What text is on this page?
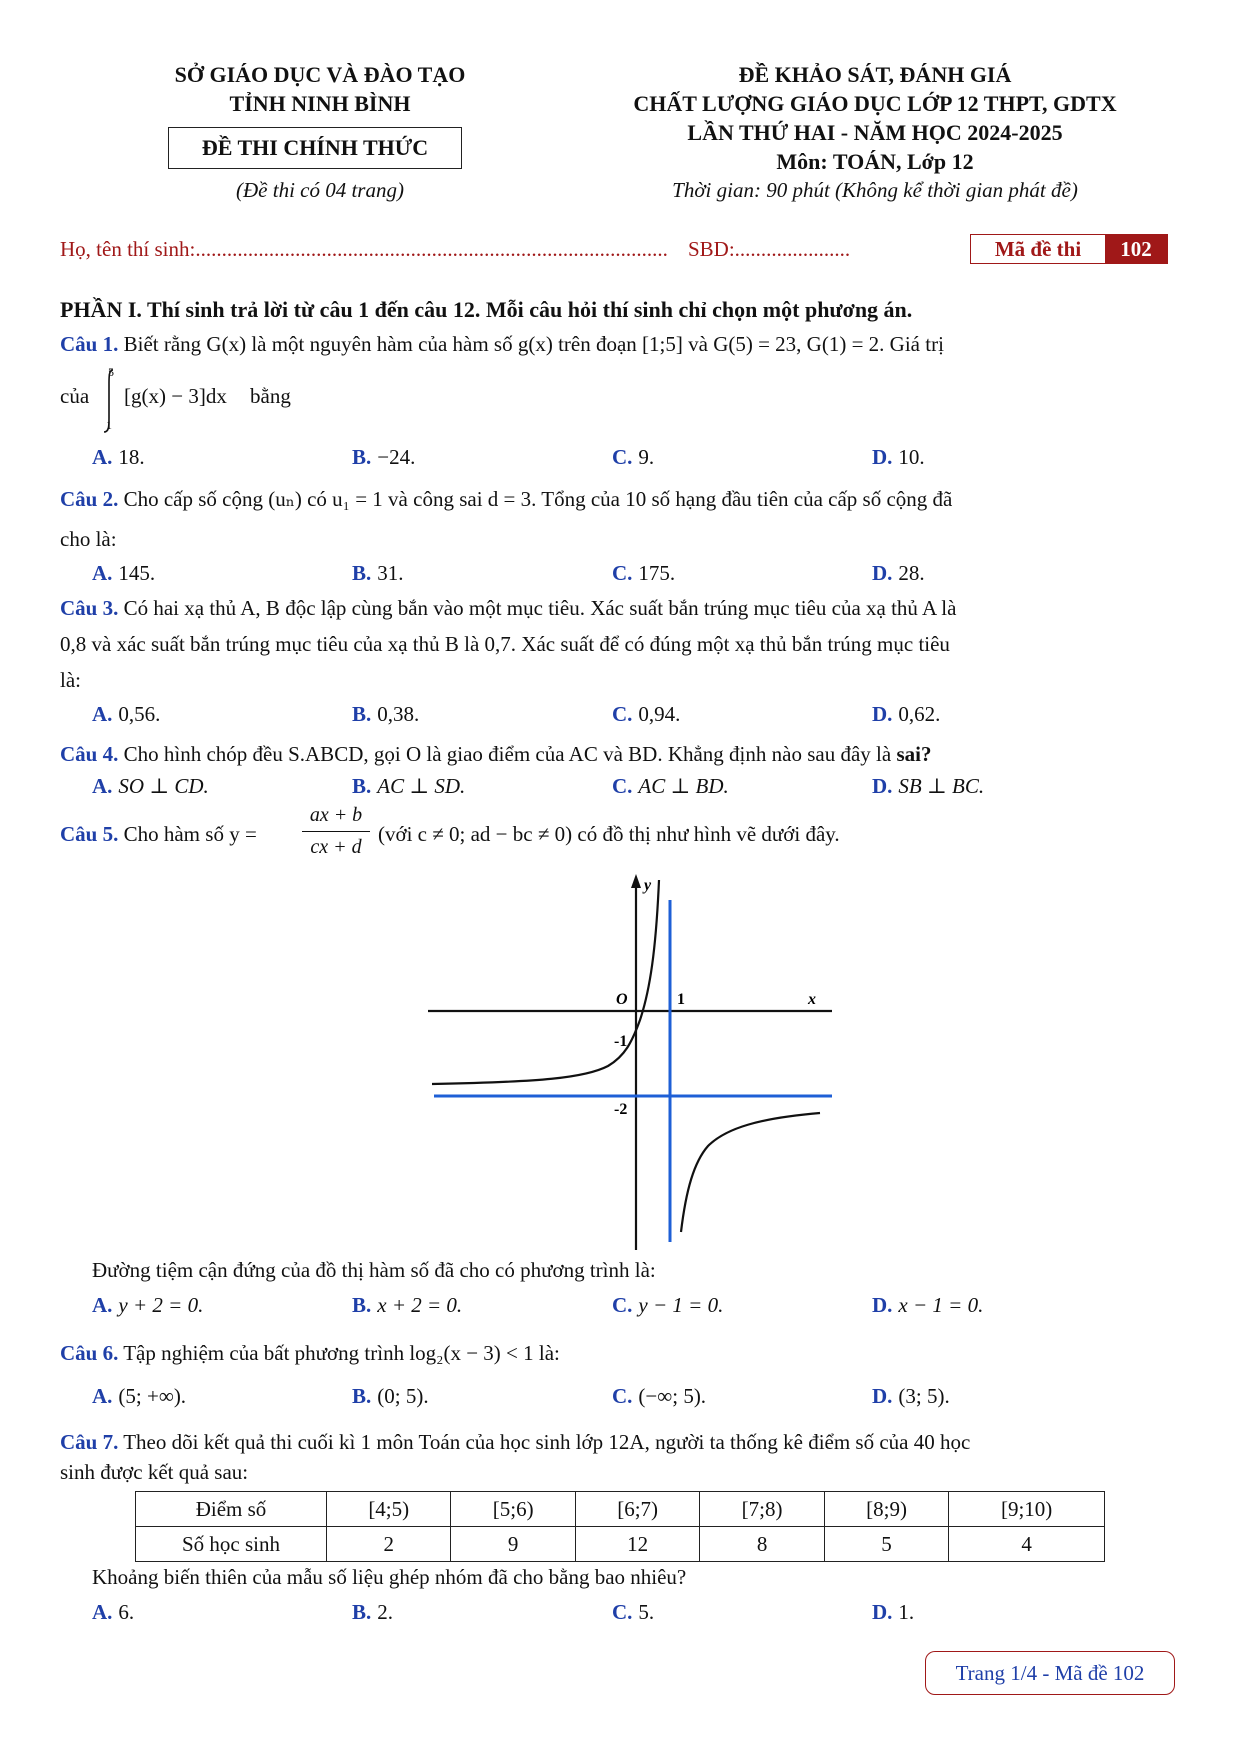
SỞ GIÁO DỤC VÀ ĐÀO TẠO
TỈNH NINH BÌNH
ĐỀ THI CHÍNH THỨC
(Đề thi có 04 trang)
ĐỀ KHẢO SÁT, ĐÁNH GIÁ
CHẤT LƯỢNG GIÁO DỤC LỚP 12 THPT, GDTX
LẦN THỨ HAI - NĂM HỌC 2024-2025
Môn: TOÁN, Lớp 12
Thời gian: 90 phút (Không kể thời gian phát đề)
Họ, tên thí sinh:.......................................................................................... SBD:......................	Mã đề thi	102
PHẦN I. Thí sinh trả lời từ câu 1 đến câu 12. Mỗi câu hỏi thí sinh chỉ chọn một phương án.
Câu 1. Biết rằng G(x) là một nguyên hàm của hàm số g(x) trên đoạn [1;5] và G(5) = 23, G(1) = 2. Giá trị
của
5
1
[g(x) − 3]dx bằng
A. 18.	B. −24.	C. 9.	D. 10.
Câu 2. Cho cấp số cộng (uₙ) có u₁ = 1 và công sai d = 3. Tổng của 10 số hạng đầu tiên của cấp số cộng đã
cho là:
A. 145.	B. 31.	C. 175.	D. 28.
Câu 3. Có hai xạ thủ A, B độc lập cùng bắn vào một mục tiêu. Xác suất bắn trúng mục tiêu của xạ thủ A là
0,8 và xác suất bắn trúng mục tiêu của xạ thủ B là 0,7. Xác suất để có đúng một xạ thủ bắn trúng mục tiêu
là:
A. 0,56.	B. 0,38.	C. 0,94.	D. 0,62.
Câu 4. Cho hình chóp đều S.ABCD, gọi O là giao điểm của AC và BD. Khẳng định nào sau đây là sai?
A. SO ⊥ CD.	B. AC ⊥ SD.	C. AC ⊥ BD.	D. SB ⊥ BC.
Câu 5. Cho hàm số y =
ax + b
cx + d
(với c ≠ 0; ad − bc ≠ 0) có đồ thị như hình vẽ dưới đây.
y
x
O	1
-1
-2
Đường tiệm cận đứng của đồ thị hàm số đã cho có phương trình là:
A. y + 2 = 0.	B. x + 2 = 0.	C. y − 1 = 0.	D. x − 1 = 0.
Câu 6. Tập nghiệm của bất phương trình log₂(x − 3) < 1 là:
A. (5; +∞).	B. (0; 5).	C. (−∞; 5).	D. (3; 5).
Câu 7. Theo dõi kết quả thi cuối kì 1 môn Toán của học sinh lớp 12A, người ta thống kê điểm số của 40 học
sinh được kết quả sau:
Điểm số	[4;5)	[5;6)	[6;7)	[7;8)	[8;9)	[9;10)
Số học sinh	2	9	12	8	5	4
Khoảng biến thiên của mẫu số liệu ghép nhóm đã cho bằng bao nhiêu?
A. 6.	B. 2.	C. 5.	D. 1.
Trang 1/4 - Mã đề 102
